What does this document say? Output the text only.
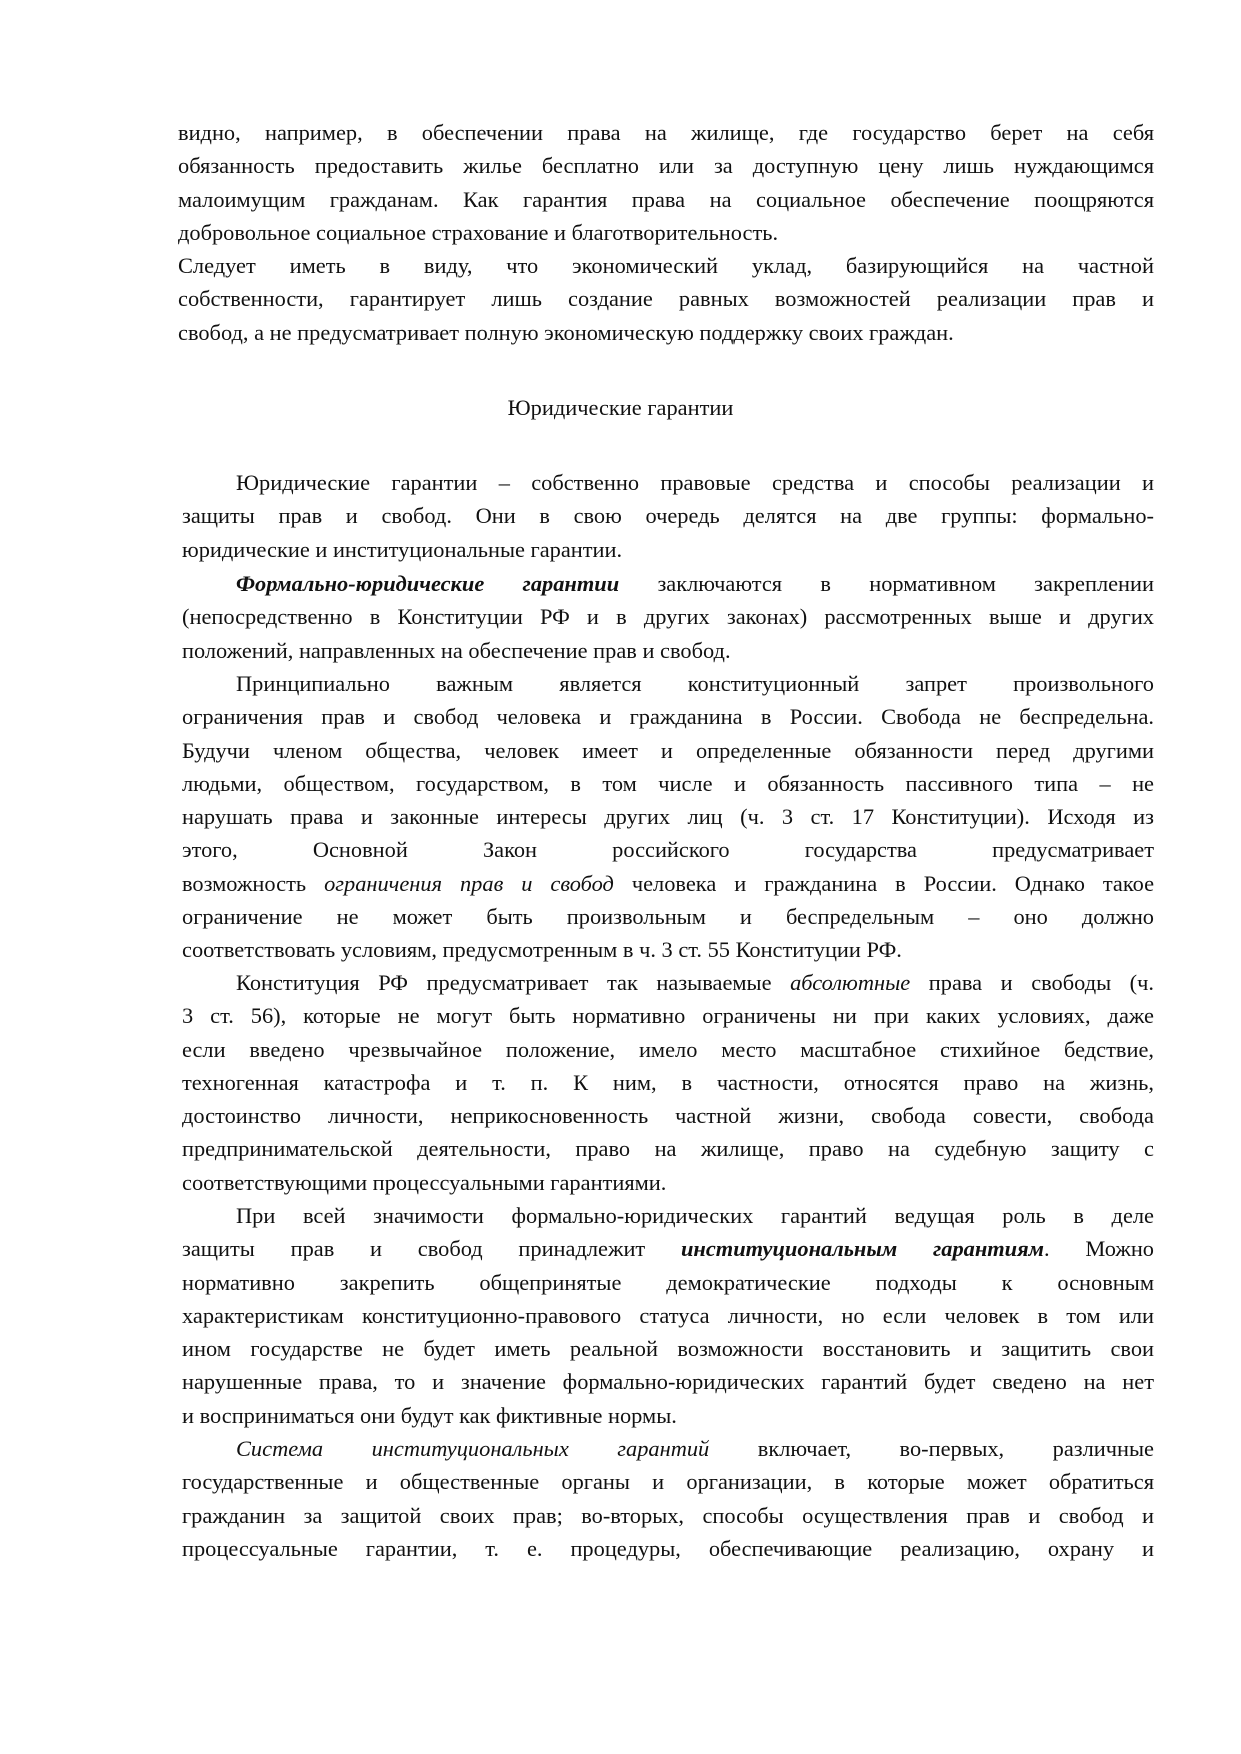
видно, например, в обеспечении права на жилище, где государство берет на себя
обязанность предоставить жилье бесплатно или за доступную цену лишь нуждающимся
малоимущим гражданам. Как гарантия права на социальное обеспечение поощряются
добровольное социальное страхование и благотворительность.
Следует иметь в виду, что экономический уклад, базирующийся на частной
собственности, гарантирует лишь создание равных возможностей реализации прав и
свобод, а не предусматривает полную экономическую поддержку своих граждан.
Юридические гарантии
Юридические гарантии – собственно правовые средства и способы реализации и
защиты прав и свобод. Они в свою очередь делятся на две группы: формально-
юридические и институциональные гарантии.
Формально-юридические гарантии заключаются в нормативном закреплении
(непосредственно в Конституции РФ и в других законах) рассмотренных выше и других
положений, направленных на обеспечение прав и свобод.
Принципиально важным является конституционный запрет произвольного
ограничения прав и свобод человека и гражданина в России. Свобода не беспредельна.
Будучи членом общества, человек имеет и определенные обязанности перед другими
людьми, обществом, государством, в том числе и обязанность пассивного типа – не
нарушать права и законные интересы других лиц (ч. 3 ст. 17 Конституции). Исходя из
этого, Основной Закон российского государства предусматривает
возможность ограничения прав и свобод человека и гражданина в России. Однако такое
ограничение не может быть произвольным и беспредельным – оно должно
соответствовать условиям, предусмотренным в ч. 3 ст. 55 Конституции РФ.
Конституция РФ предусматривает так называемые абсолютные права и свободы (ч.
3 ст. 56), которые не могут быть нормативно ограничены ни при каких условиях, даже
если введено чрезвычайное положение, имело место масштабное стихийное бедствие,
техногенная катастрофа и т. п. К ним, в частности, относятся право на жизнь,
достоинство личности, неприкосновенность частной жизни, свобода совести, свобода
предпринимательской деятельности, право на жилище, право на судебную защиту с
соответствующими процессуальными гарантиями.
При всей значимости формально-юридических гарантий ведущая роль в деле
защиты прав и свобод принадлежит институциональным гарантиям. Можно
нормативно закрепить общепринятые демократические подходы к основным
характеристикам конституционно-правового статуса личности, но если человек в том или
ином государстве не будет иметь реальной возможности восстановить и защитить свои
нарушенные права, то и значение формально-юридических гарантий будет сведено на нет
и восприниматься они будут как фиктивные нормы.
Система институциональных гарантий включает, во-первых, различные
государственные и общественные органы и организации, в которые может обратиться
гражданин за защитой своих прав; во-вторых, способы осуществления прав и свобод и
процессуальные гарантии, т. е. процедуры, обеспечивающие реализацию, охрану и
